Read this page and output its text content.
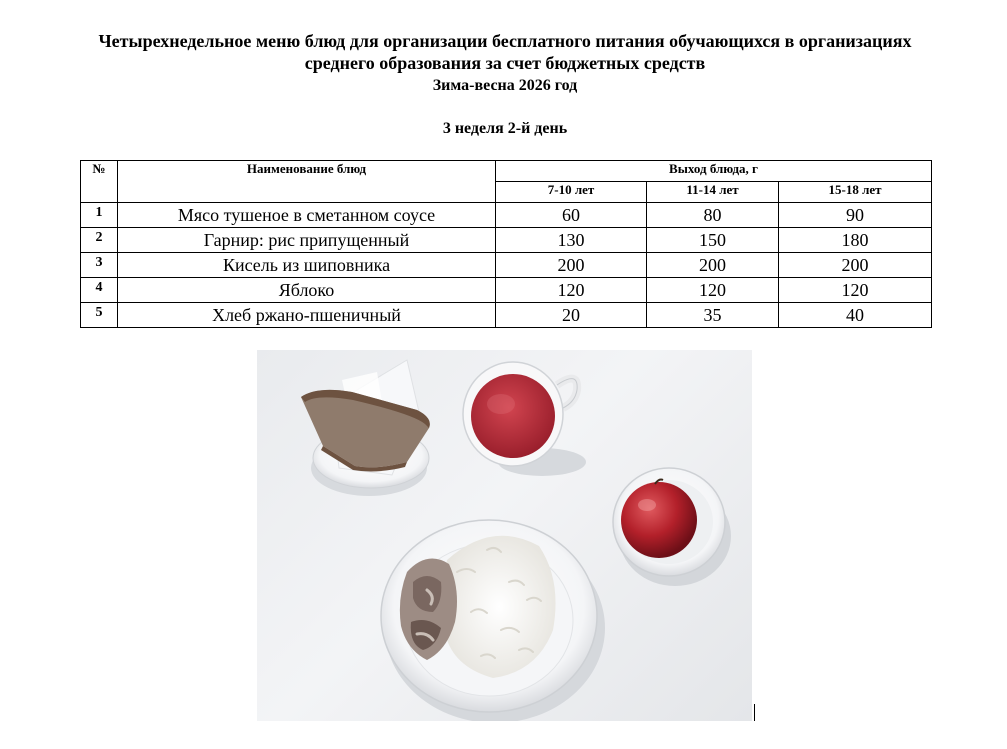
Четырехнедельное меню блюд для организации бесплатного питания обучающихся в организациях
среднего образования за счет бюджетных средств
Зима-весна 2026 год
3 неделя 2-й день
№	Наименование блюд	Выход блюда, г		
		7-10 лет	11-14 лет	15-18 лет
1	Мясо тушеное в сметанном соусе	60	80	90
2	Гарнир: рис припущенный	130	150	180
3	Кисель из шиповника	200	200	200
4	Яблоко	120	120	120
5	Хлеб ржано-пшеничный	20	35	40
